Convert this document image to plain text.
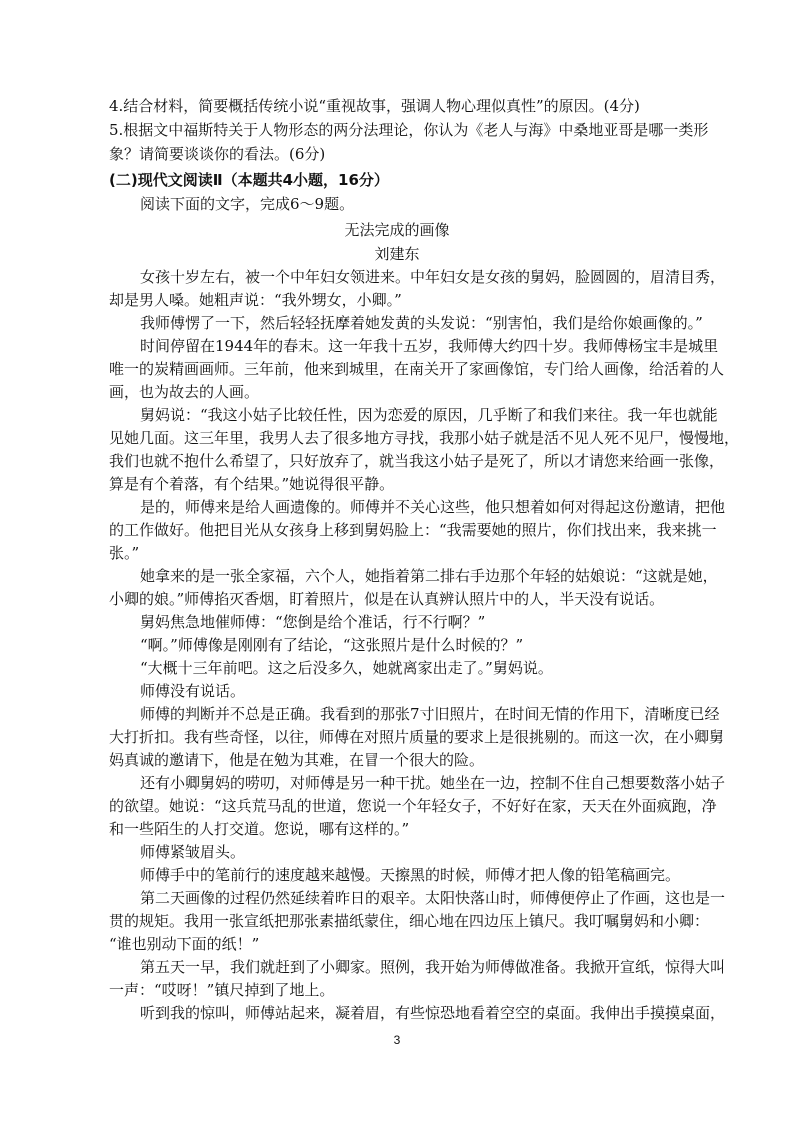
4.结合材料，简要概括传统小说“重视故事，强调人物心理似真性”的原因。(4分)
5.根据文中福斯特关于人物形态的两分法理论，你认为《老人与海》中桑地亚哥是哪一类形
象？请简要谈谈你的看法。(6分)
(二)现代文阅读Ⅱ（本题共4小题，16分）
阅读下面的文字，完成6～9题。
无法完成的画像
刘建东
女孩十岁左右，被一个中年妇女领进来。中年妇女是女孩的舅妈，脸圆圆的，眉清目秀，
却是男人嗓。她粗声说：“我外甥女，小卿。”
我师傅愣了一下，然后轻轻抚摩着她发黄的头发说：“别害怕，我们是给你娘画像的。”
时间停留在1944年的春末。这一年我十五岁，我师傅大约四十岁。我师傅杨宝丰是城里
唯一的炭精画画师。三年前，他来到城里，在南关开了家画像馆，专门给人画像，给活着的人
画，也为故去的人画。
舅妈说：“我这小姑子比较任性，因为恋爱的原因，几乎断了和我们来往。我一年也就能
见她几面。这三年里，我男人去了很多地方寻找，我那小姑子就是活不见人死不见尸，慢慢地，
我们也就不抱什么希望了，只好放弃了，就当我这小姑子是死了，所以才请您来给画一张像，
算是有个着落，有个结果。”她说得很平静。
是的，师傅来是给人画遗像的。师傅并不关心这些，他只想着如何对得起这份邀请，把他
的工作做好。他把目光从女孩身上移到舅妈脸上：“我需要她的照片，你们找出来，我来挑一
张。”
她拿来的是一张全家福，六个人，她指着第二排右手边那个年轻的姑娘说：“这就是她，
小卿的娘。”师傅掐灭香烟，盯着照片，似是在认真辨认照片中的人，半天没有说话。
舅妈焦急地催师傅：“您倒是给个准话，行不行啊？”
“啊。”师傅像是刚刚有了结论，“这张照片是什么时候的？”
“大概十三年前吧。这之后没多久，她就离家出走了。”舅妈说。
师傅没有说话。
师傅的判断并不总是正确。我看到的那张7寸旧照片，在时间无情的作用下，清晰度已经
大打折扣。我有些奇怪，以往，师傅在对照片质量的要求上是很挑剔的。而这一次，在小卿舅
妈真诚的邀请下，他是在勉为其难，在冒一个很大的险。
还有小卿舅妈的唠叨，对师傅是另一种干扰。她坐在一边，控制不住自己想要数落小姑子
的欲望。她说：“这兵荒马乱的世道，您说一个年轻女子，不好好在家，天天在外面疯跑，净
和一些陌生的人打交道。您说，哪有这样的。”
师傅紧皱眉头。
师傅手中的笔前行的速度越来越慢。天擦黑的时候，师傅才把人像的铅笔稿画完。
第二天画像的过程仍然延续着昨日的艰辛。太阳快落山时，师傅便停止了作画，这也是一
贯的规矩。我用一张宣纸把那张素描纸蒙住，细心地在四边压上镇尺。我叮嘱舅妈和小卿：
“谁也别动下面的纸！”
第五天一早，我们就赶到了小卿家。照例，我开始为师傅做准备。我掀开宣纸，惊得大叫
一声：“哎呀！”镇尺掉到了地上。
听到我的惊叫，师傅站起来，凝着眉，有些惊恐地看着空空的桌面。我伸出手摸摸桌面，
3
